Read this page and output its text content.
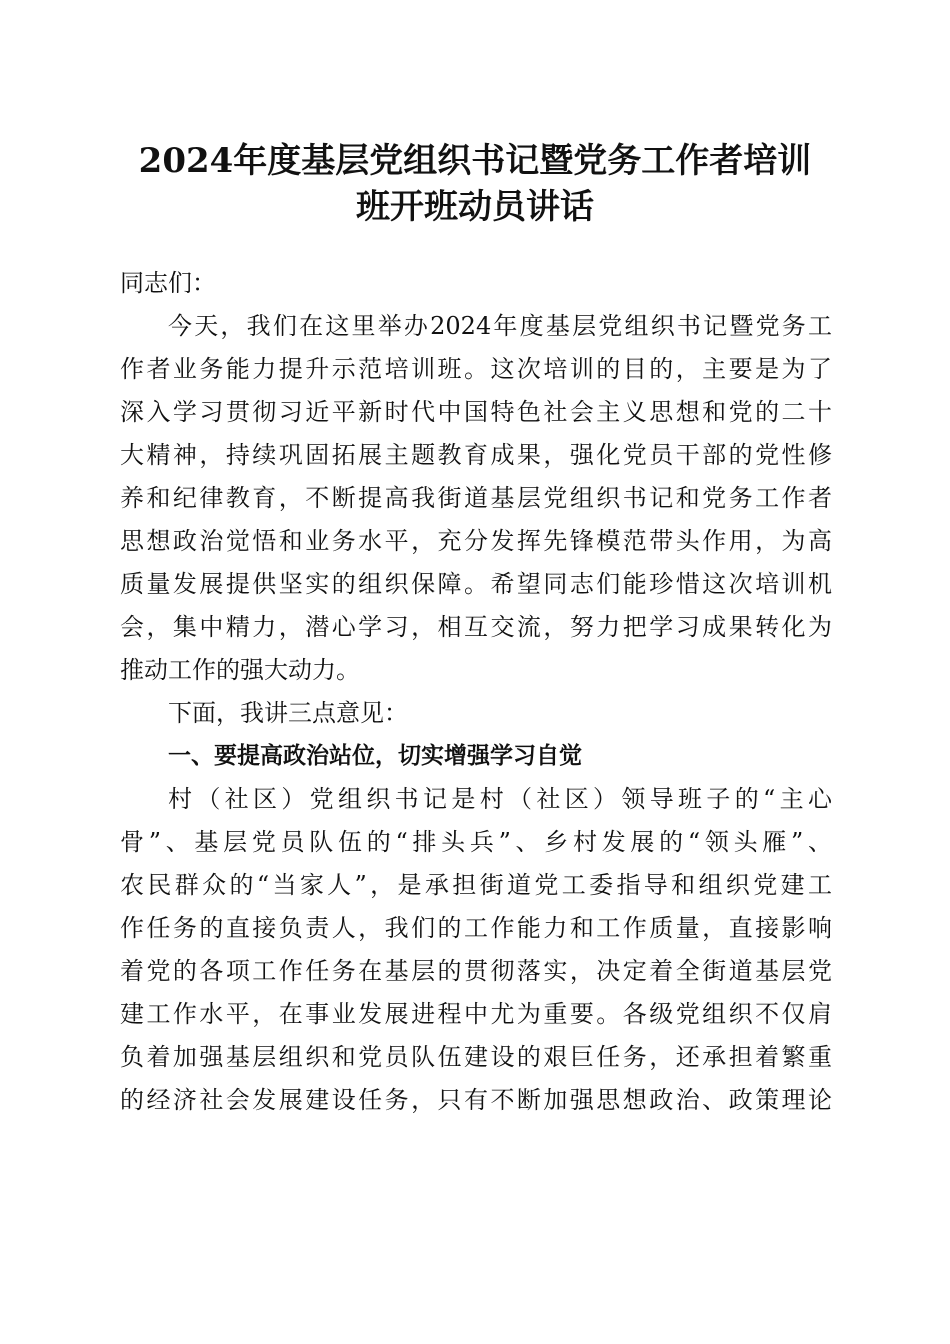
2024年度基层党组织书记暨党务工作者培训
班开班动员讲话
同志们：
今天，我们在这里举办2024年度基层党组织书记暨党务工
作者业务能力提升示范培训班。这次培训的目的，主要是为了
深入学习贯彻习近平新时代中国特色社会主义思想和党的二十
大精神，持续巩固拓展主题教育成果，强化党员干部的党性修
养和纪律教育，不断提高我街道基层党组织书记和党务工作者
思想政治觉悟和业务水平，充分发挥先锋模范带头作用，为高
质量发展提供坚实的组织保障。希望同志们能珍惜这次培训机
会，集中精力，潜心学习，相互交流，努力把学习成果转化为
推动工作的强大动力。
下面，我讲三点意见：
一、要提高政治站位，切实增强学习自觉
村（社区）党组织书记是村（社区）领导班子的“主心
骨”、基层党员队伍的“排头兵”、乡村发展的“领头雁”、
农民群众的“当家人”，是承担街道党工委指导和组织党建工
作任务的直接负责人，我们的工作能力和工作质量，直接影响
着党的各项工作任务在基层的贯彻落实，决定着全街道基层党
建工作水平，在事业发展进程中尤为重要。各级党组织不仅肩
负着加强基层组织和党员队伍建设的艰巨任务，还承担着繁重
的经济社会发展建设任务，只有不断加强思想政治、政策理论
